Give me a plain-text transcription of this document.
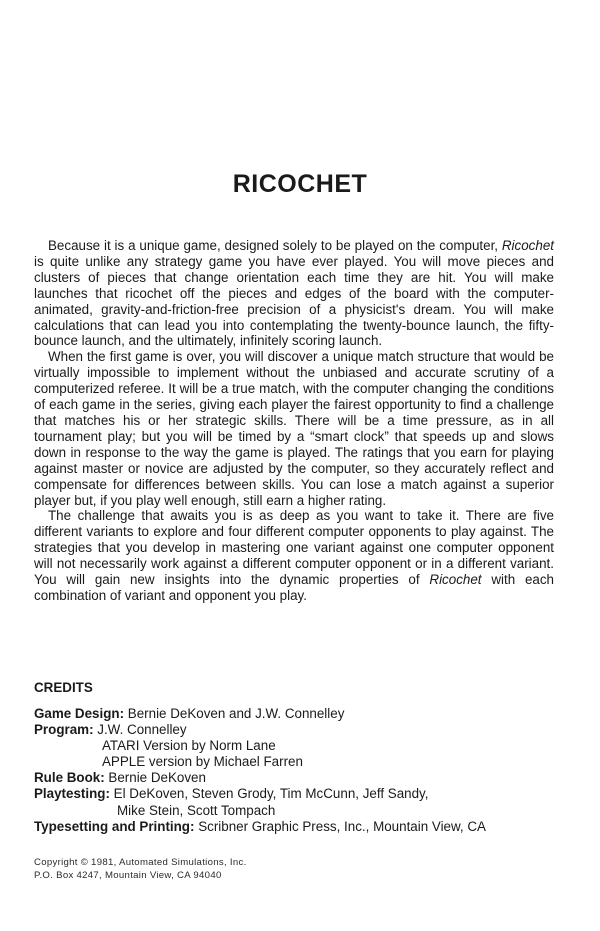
RICOCHET

Because it is a unique game, designed solely to be played on the computer, Ricochet is quite unlike any strategy game you have ever played. You will move pieces and clusters of pieces that change orientation each time they are hit. You will make launches that ricochet off the pieces and edges of the board with the computer-animated, gravity-and-friction-free precision of a physicist's dream. You will make calculations that can lead you into contemplating the twenty-bounce launch, the fifty-bounce launch, and the ultimately, infinitely scoring launch.

When the first game is over, you will discover a unique match structure that would be virtually impossible to implement without the unbiased and accurate scrutiny of a computerized referee. It will be a true match, with the computer changing the conditions of each game in the series, giving each player the fairest opportunity to find a challenge that matches his or her strategic skills. There will be a time pressure, as in all tournament play; but you will be timed by a “smart clock” that speeds up and slows down in response to the way the game is played. The ratings that you earn for playing against master or novice are adjusted by the computer, so they accurately reflect and compensate for differences between skills. You can lose a match against a superior player but, if you play well enough, still earn a higher rating.

The challenge that awaits you is as deep as you want to take it. There are five different variants to explore and four different computer opponents to play against. The strategies that you develop in mastering one variant against one computer opponent will not necessarily work against a different computer opponent or in a different variant. You will gain new insights into the dynamic properties of Ricochet with each combination of variant and opponent you play.

CREDITS
Game Design: Bernie DeKoven and J.W. Connelley
Program: J.W. Connelley
ATARI Version by Norm Lane
APPLE version by Michael Farren
Rule Book: Bernie DeKoven
Playtesting: El DeKoven, Steven Grody, Tim McCunn, Jeff Sandy,
Mike Stein, Scott Tompach
Typesetting and Printing: Scribner Graphic Press, Inc., Mountain View, CA
Copyright © 1981, Automated Simulations, Inc.
P.O. Box 4247, Mountain View, CA 94040
